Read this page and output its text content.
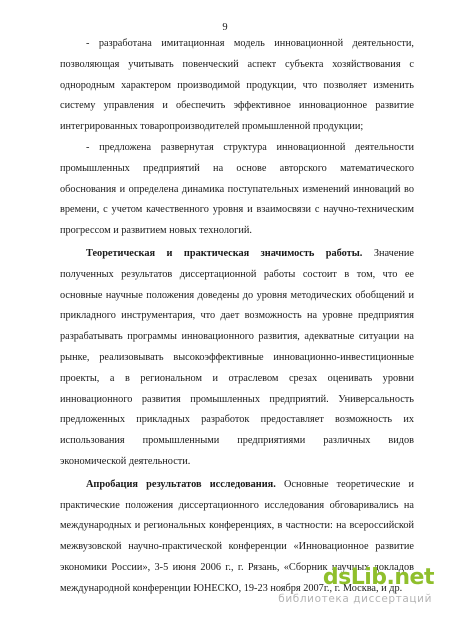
9

- разработана имитационная модель инновационной деятельности, позволяющая учитывать повенческий аспект субъекта хозяйствования с однородным характером производимой продукции, что позволяет изменить систему управления и обеспечить эффективное инновационное развитие интегрированных товаропроизводителей промышленной продукции;

- предложена развернутая структура инновационной деятельности промышленных предприятий на основе авторского математического обоснования и определена динамика поступательных изменений инноваций во времени, с учетом качественного уровня и взаимосвязи с научно-техническим прогрессом и развитием новых технологий.

Теоретическая и практическая значимость работы. Значение полученных результатов диссертационной работы состоит в том, что ее основные научные положения доведены до уровня методических обобщений и прикладного инструментария, что дает возможность на уровне предприятия разрабатывать программы инновационного развития, адекватные ситуации на рынке, реализовывать высокоэффективные инновационно-инвестиционные проекты, а в региональном и отраслевом срезах оценивать уровни инновационного развития промышленных предприятий. Универсальность предложенных прикладных разработок предоставляет возможность их использования промышленными предприятиями различных видов экономической деятельности.

Апробация результатов исследования. Основные теоретические и практические положения диссертационного исследования обговаривались на международных и региональных конференциях, в частности: на всероссийской межвузовской научно-практической конференции «Инновационное развитие экономики России», 3-5 июня 2006 г., г. Рязань, «Сборник научных докладов международной конференции ЮНЕСКО, 19-23 ноября 2007г., г. Москва, и др.

dsLib.net
библиотека диссертаций
